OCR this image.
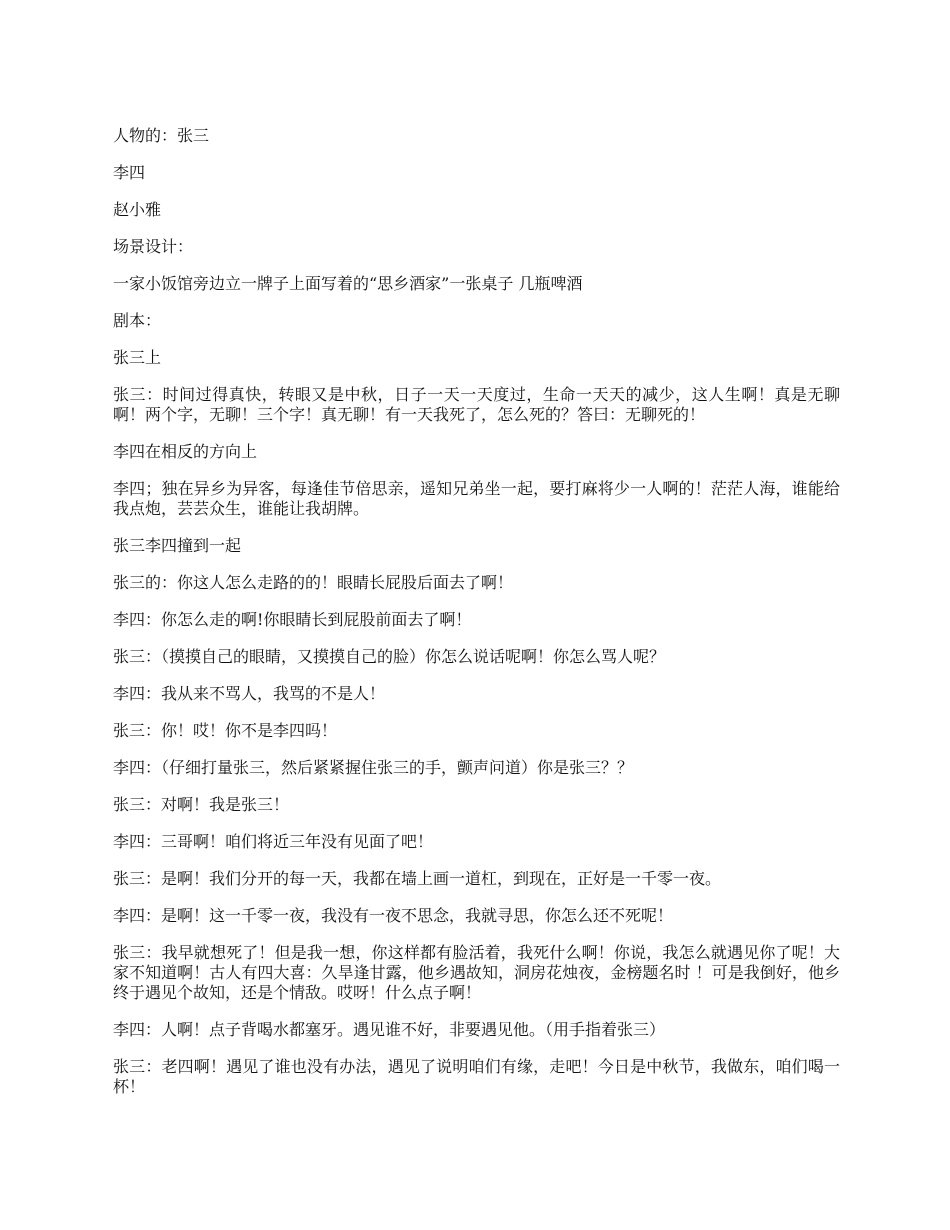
人物的：张三

李四

赵小雅

场景设计：

一家小饭馆旁边立一牌子上面写着的“思乡酒家”一张桌子 几瓶啤酒

剧本：

张三上

张三：时间过得真快，转眼又是中秋，日子一天一天度过，生命一天天的减少，这人生啊！真是无聊啊！两个字，无聊！三个字！真无聊！有一天我死了，怎么死的？答曰：无聊死的！

李四在相反的方向上

李四；独在异乡为异客，每逢佳节倍思亲，遥知兄弟坐一起，要打麻将少一人啊的！茫茫人海，谁能给我点炮，芸芸众生，谁能让我胡牌。

张三李四撞到一起

张三的：你这人怎么走路的的！眼睛长屁股后面去了啊！

李四：你怎么走的啊!你眼睛长到屁股前面去了啊！

张三：（摸摸自己的眼睛，又摸摸自己的脸）你怎么说话呢啊！你怎么骂人呢？

李四：我从来不骂人，我骂的不是人！

张三：你！哎！你不是李四吗！

李四：（仔细打量张三，然后紧紧握住张三的手，颤声问道）你是张三？？

张三：对啊！我是张三！

李四：三哥啊！咱们将近三年没有见面了吧！

张三：是啊！我们分开的每一天，我都在墙上画一道杠，到现在，正好是一千零一夜。

李四：是啊！这一千零一夜，我没有一夜不思念，我就寻思，你怎么还不死呢！

张三：我早就想死了！但是我一想，你这样都有脸活着，我死什么啊！你说，我怎么就遇见你了呢！大家不知道啊！古人有四大喜：久旱逢甘露，他乡遇故知，洞房花烛夜，金榜题名时 ！可是我倒好，他乡终于遇见个故知，还是个情敌。哎呀！什么点子啊！

李四：人啊！点子背喝水都塞牙。遇见谁不好，非要遇见他。（用手指着张三）

张三：老四啊！遇见了谁也没有办法，遇见了说明咱们有缘，走吧！今日是中秋节，我做东，咱们喝一杯！
